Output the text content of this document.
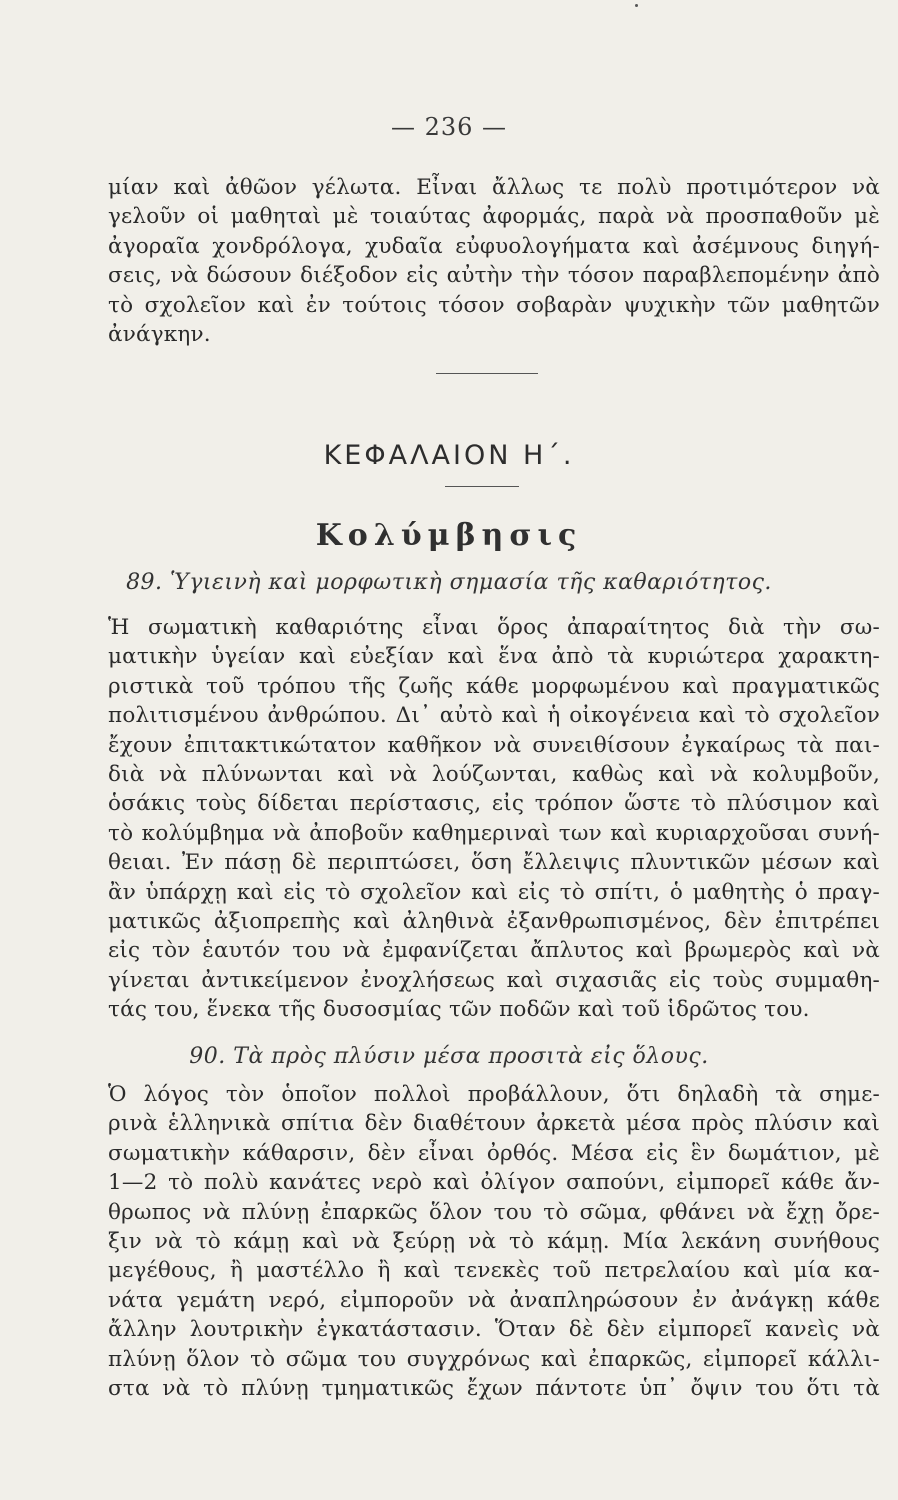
— 236 —
μίαν καὶ ἀθῶον γέλωτα. Εἶναι ἄλλως τε πολὺ προτιμότερον νὰ
γελοῦν οἱ μαθηταὶ μὲ τοιαύτας ἀφορμάς, παρὰ νὰ προσπαθοῦν μὲ
ἀγοραῖα χονδρόλογα, χυδαῖα εὐφυολογήματα καὶ ἀσέμνους διηγή-
σεις, νὰ δώσουν διέξοδον εἰς αὐτὴν τὴν τόσον παραβλεπομένην ἀπὸ
τὸ σχολεῖον καὶ ἐν τούτοις τόσον σοβαρὰν ψυχικὴν τῶν μαθητῶν
ἀνάγκην.
ΚΕΦΑΛΑΙΟΝ Η΄.
Κολύμβησις
89. Ὑγιεινὴ καὶ μορφωτικὴ σημασία τῆς καθαριότητος.
Ἡ σωματικὴ καθαριότης εἶναι ὅρος ἀπαραίτητος διὰ τὴν σω-
ματικὴν ὑγείαν καὶ εὐεξίαν καὶ ἕνα ἀπὸ τὰ κυριώτερα χαρακτη-
ριστικὰ τοῦ τρόπου τῆς ζωῆς κάθε μορφωμένου καὶ πραγματικῶς
πολιτισμένου ἀνθρώπου. Δι᾿ αὐτὸ καὶ ἡ οἰκογένεια καὶ τὸ σχολεῖον
ἔχουν ἐπιτακτικώτατον καθῆκον νὰ συνειθίσουν ἐγκαίρως τὰ παι-
διὰ νὰ πλύνωνται καὶ νὰ λούζωνται, καθὼς καὶ νὰ κολυμβοῦν,
ὁσάκις τοὺς δίδεται περίστασις, εἰς τρόπον ὥστε τὸ πλύσιμον καὶ
τὸ κολύμβημα νὰ ἀποβοῦν καθημεριναὶ των καὶ κυριαρχοῦσαι συνή-
θειαι. Ἐν πάσῃ δὲ περιπτώσει, ὅση ἔλλειψις πλυντικῶν μέσων καὶ
ἂν ὑπάρχῃ καὶ εἰς τὸ σχολεῖον καὶ εἰς τὸ σπίτι, ὁ μαθητὴς ὁ πραγ-
ματικῶς ἀξιοπρεπὴς καὶ ἀληθινὰ ἐξανθρωπισμένος, δὲν ἐπιτρέπει
εἰς τὸν ἑαυτόν του νὰ ἐμφανίζεται ἄπλυτος καὶ βρωμερὸς καὶ νὰ
γίνεται ἀντικείμενον ἐνοχλήσεως καὶ σιχασιᾶς εἰς τοὺς συμμαθη-
τάς του, ἕνεκα τῆς δυσοσμίας τῶν ποδῶν καὶ τοῦ ἱδρῶτος του.
90. Τὰ πρὸς πλύσιν μέσα προσιτὰ εἰς ὅλους.
Ὁ λόγος τὸν ὁποῖον πολλοὶ προβάλλουν, ὅτι δηλαδὴ τὰ σημε-
ρινὰ ἑλληνικὰ σπίτια δὲν διαθέτουν ἀρκετὰ μέσα πρὸς πλύσιν καὶ
σωματικὴν κάθαρσιν, δὲν εἶναι ὀρθός. Μέσα εἰς ἓν δωμάτιον, μὲ
1—2 τὸ πολὺ κανάτες νερὸ καὶ ὀλίγον σαπούνι, εἰμπορεῖ κάθε ἄν-
θρωπος νὰ πλύνῃ ἐπαρκῶς ὅλον του τὸ σῶμα, φθάνει νὰ ἔχῃ ὄρε-
ξιν νὰ τὸ κάμῃ καὶ νὰ ξεύρῃ νὰ τὸ κάμῃ. Μία λεκάνη συνήθους
μεγέθους, ἢ μαστέλλο ἢ καὶ τενεκὲς τοῦ πετρελαίου καὶ μία κα-
νάτα γεμάτη νερό, εἰμποροῦν νὰ ἀναπληρώσουν ἐν ἀνάγκῃ κάθε
ἄλλην λουτρικὴν ἐγκατάστασιν. Ὅταν δὲ δὲν εἰμπορεῖ κανεὶς νὰ
πλύνῃ ὅλον τὸ σῶμα του συγχρόνως καὶ ἐπαρκῶς, εἰμπορεῖ κάλλι-
στα νὰ τὸ πλύνῃ τμηματικῶς ἔχων πάντοτε ὑπ᾿ ὄψιν του ὅτι τὰ
